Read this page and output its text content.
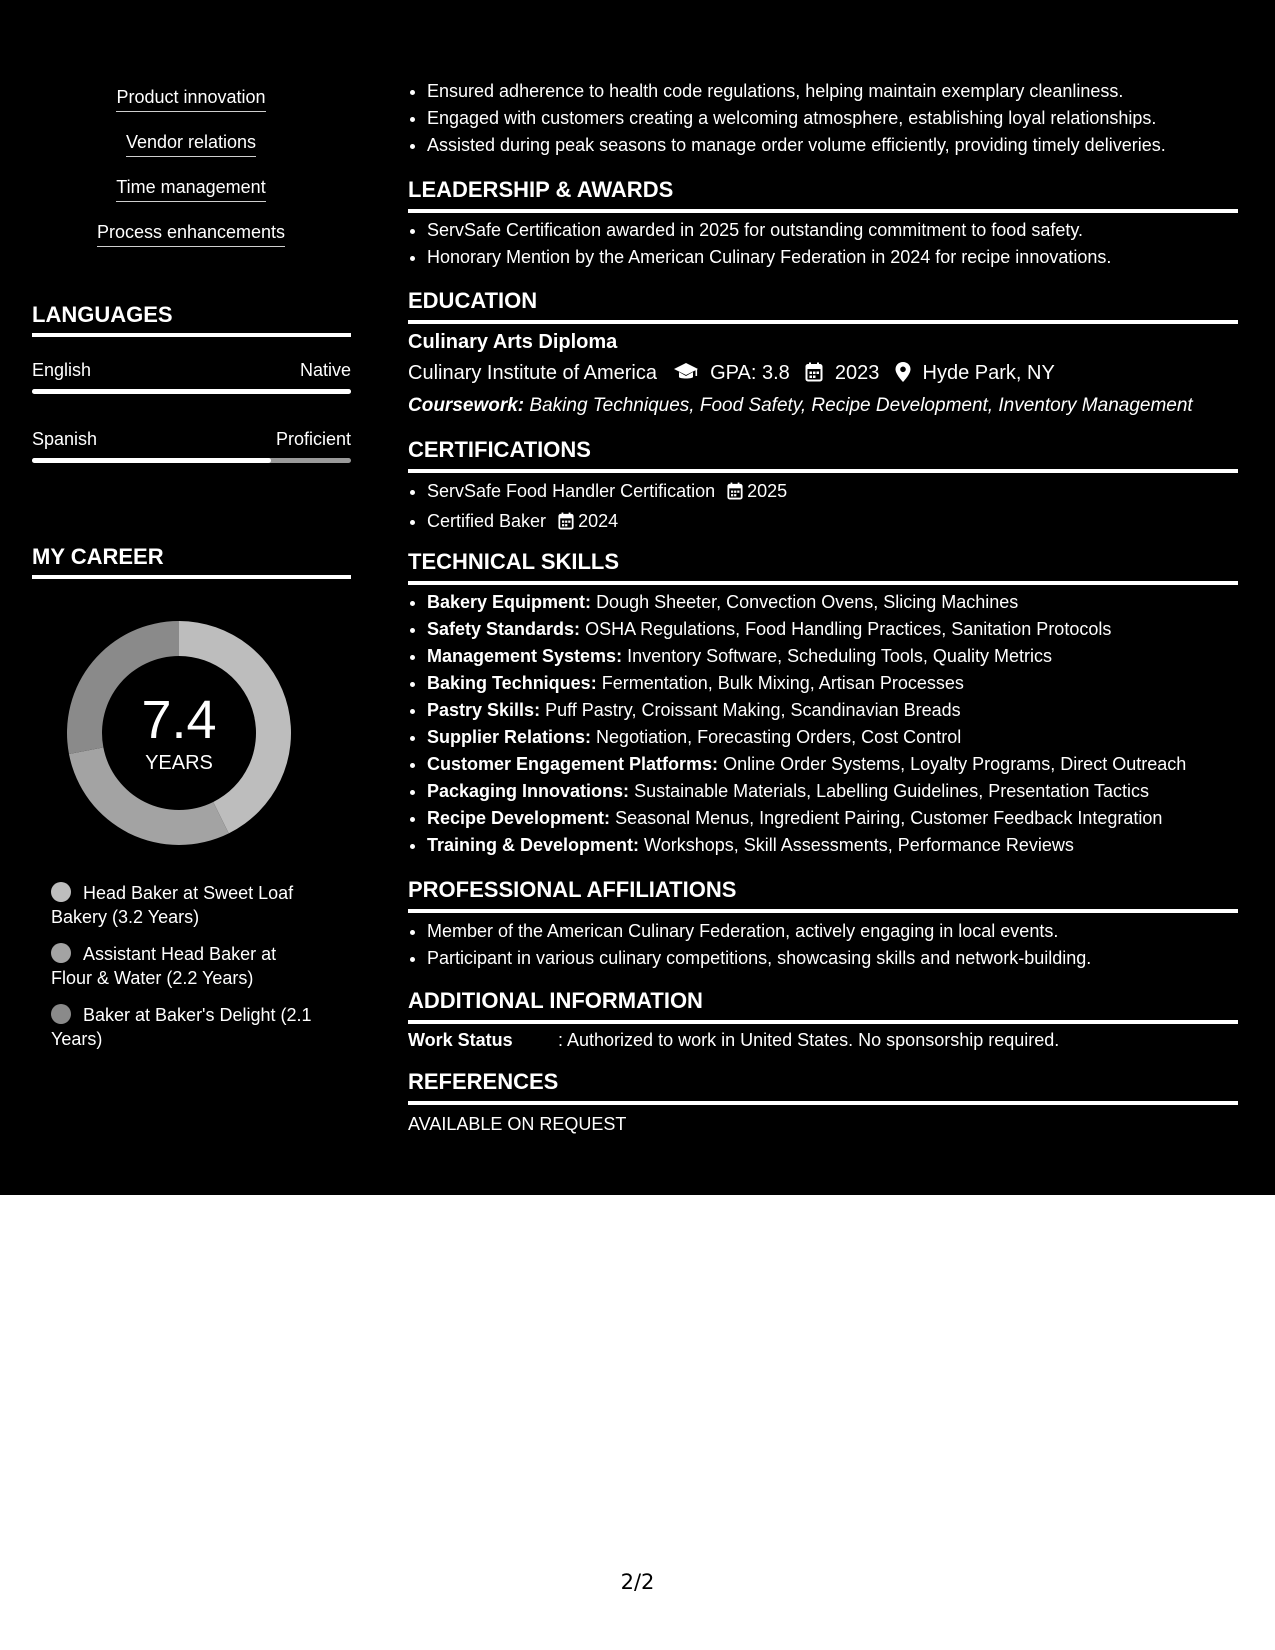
Product innovation
Vendor relations
Time management
Process enhancements
LANGUAGES
English	Native
Spanish	Proficient
MY CAREER
7.4
YEARS
Head Baker at Sweet Loaf Bakery (3.2 Years)
Assistant Head Baker at Flour & Water (2.2 Years)
Baker at Baker's Delight (2.1 Years)
• Ensured adherence to health code regulations, helping maintain exemplary cleanliness.
• Engaged with customers creating a welcoming atmosphere, establishing loyal relationships.
• Assisted during peak seasons to manage order volume efficiently, providing timely deliveries.
LEADERSHIP & AWARDS
• ServSafe Certification awarded in 2025 for outstanding commitment to food safety.
• Honorary Mention by the American Culinary Federation in 2024 for recipe innovations.
EDUCATION
Culinary Arts Diploma
Culinary Institute of America	GPA: 3.8 2023 Hyde Park, NY
Coursework: Baking Techniques, Food Safety, Recipe Development, Inventory Management
CERTIFICATIONS
• ServSafe Food Handler Certification 2025
• Certified Baker 2024
TECHNICAL SKILLS
• Bakery Equipment: Dough Sheeter, Convection Ovens, Slicing Machines
• Safety Standards: OSHA Regulations, Food Handling Practices, Sanitation Protocols
• Management Systems: Inventory Software, Scheduling Tools, Quality Metrics
• Baking Techniques: Fermentation, Bulk Mixing, Artisan Processes
• Pastry Skills: Puff Pastry, Croissant Making, Scandinavian Breads
• Supplier Relations: Negotiation, Forecasting Orders, Cost Control
• Customer Engagement Platforms: Online Order Systems, Loyalty Programs, Direct Outreach
• Packaging Innovations: Sustainable Materials, Labelling Guidelines, Presentation Tactics
• Recipe Development: Seasonal Menus, Ingredient Pairing, Customer Feedback Integration
• Training & Development: Workshops, Skill Assessments, Performance Reviews
PROFESSIONAL AFFILIATIONS
• Member of the American Culinary Federation, actively engaging in local events.
• Participant in various culinary competitions, showcasing skills and network-building.
ADDITIONAL INFORMATION
Work Status	: Authorized to work in United States. No sponsorship required.
REFERENCES
AVAILABLE ON REQUEST
2/2
